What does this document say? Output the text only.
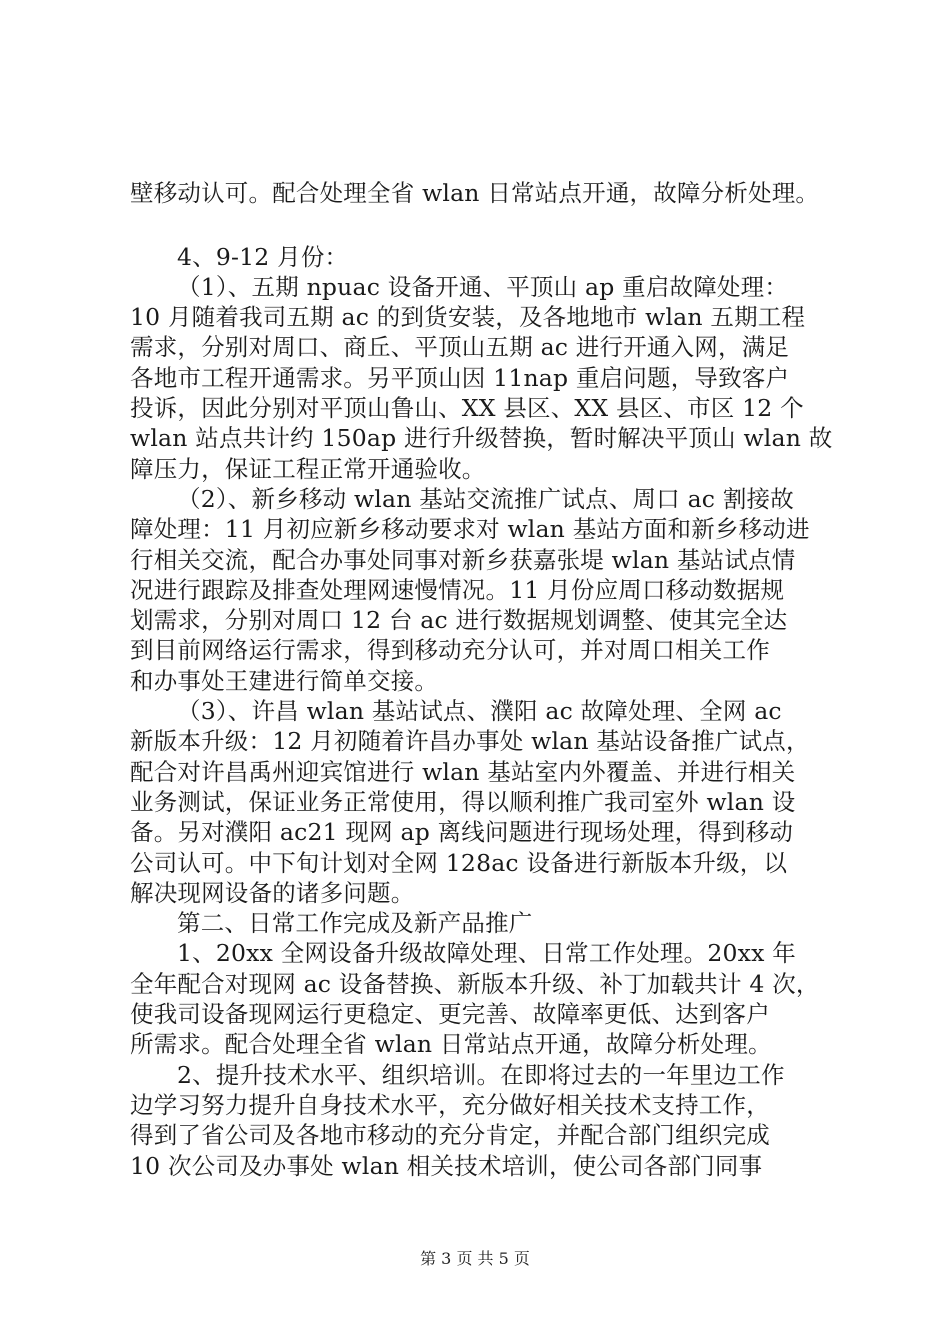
壁移动认可。配合处理全省 wlan 日常站点开通，故障分析处理。
4、9-12 月份：
（1）、五期 npuac 设备开通、平顶山 ap 重启故障处理：
10 月随着我司五期 ac 的到货安装，及各地地市 wlan 五期工程
需求，分别对周口、商丘、平顶山五期 ac 进行开通入网，满足
各地市工程开通需求。另平顶山因 11nap 重启问题，导致客户
投诉，因此分别对平顶山鲁山、XX 县区、XX 县区、市区 12 个
wlan 站点共计约 150ap 进行升级替换，暂时解决平顶山 wlan 故
障压力，保证工程正常开通验收。
（2）、新乡移动 wlan 基站交流推广试点、周口 ac 割接故
障处理：11 月初应新乡移动要求对 wlan 基站方面和新乡移动进
行相关交流，配合办事处同事对新乡获嘉张堤 wlan 基站试点情
况进行跟踪及排查处理网速慢情况。11 月份应周口移动数据规
划需求，分别对周口 12 台 ac 进行数据规划调整、使其完全达
到目前网络运行需求，得到移动充分认可，并对周口相关工作
和办事处王建进行简单交接。
（3）、许昌 wlan 基站试点、濮阳 ac 故障处理、全网 ac
新版本升级：12 月初随着许昌办事处 wlan 基站设备推广试点，
配合对许昌禹州迎宾馆进行 wlan 基站室内外覆盖、并进行相关
业务测试，保证业务正常使用，得以顺利推广我司室外 wlan 设
备。另对濮阳 ac21 现网 ap 离线问题进行现场处理，得到移动
公司认可。中下旬计划对全网 128ac 设备进行新版本升级，以
解决现网设备的诸多问题。
第二、日常工作完成及新产品推广
1、20xx 全网设备升级故障处理、日常工作处理。20xx 年
全年配合对现网 ac 设备替换、新版本升级、补丁加载共计 4 次，
使我司设备现网运行更稳定、更完善、故障率更低、达到客户
所需求。配合处理全省 wlan 日常站点开通，故障分析处理。
2、提升技术水平、组织培训。在即将过去的一年里边工作
边学习努力提升自身技术水平，充分做好相关技术支持工作，
得到了省公司及各地市移动的充分肯定，并配合部门组织完成
10 次公司及办事处 wlan 相关技术培训，使公司各部门同事
第 3 页 共 5 页
